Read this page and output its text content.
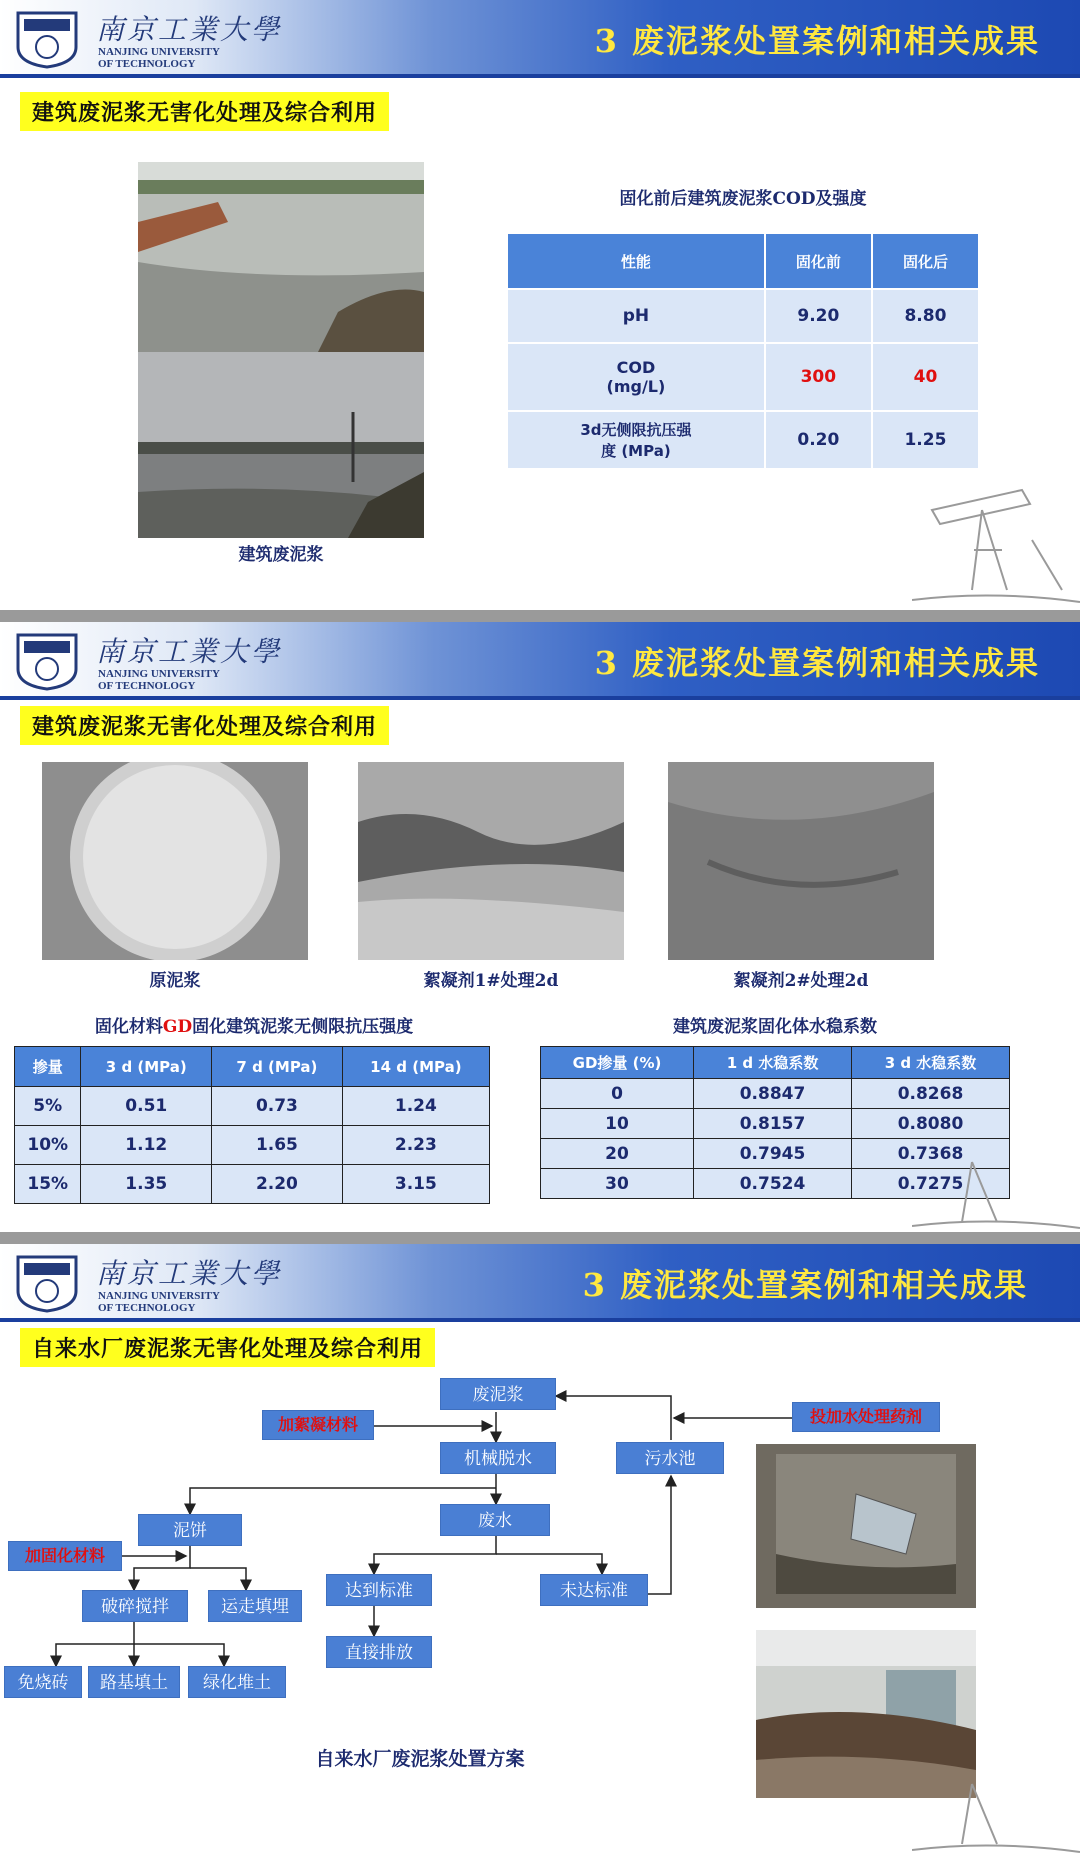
南京工業大學
NANJING UNIVERSITY
OF TECHNOLOGY
3 废泥浆处置案例和相关成果
建筑废泥浆无害化处理及综合利用
建筑废泥浆
固化前后建筑废泥浆COD及强度
性能	固化前	固化后
pH	9.20	8.80
COD
(mg/L)	300	40
3d无侧限抗压强
度 (MPa)	0.20	1.25
南京工業大學
NANJING UNIVERSITY
OF TECHNOLOGY
3 废泥浆处置案例和相关成果
建筑废泥浆无害化处理及综合利用
原泥浆	絮凝剂1#处理2d	絮凝剂2#处理2d
固化材料GD固化建筑泥浆无侧限抗压强度
掺量	3 d (MPa)	7 d (MPa)	14 d (MPa)
5%	0.51	0.73	1.24
10%	1.12	1.65	2.23
15%	1.35	2.20	3.15
建筑废泥浆固化体水稳系数
GD掺量 (%)	1 d 水稳系数	3 d 水稳系数
0	0.8847	0.8268
10	0.8157	0.8080
20	0.7945	0.7368
30	0.7524	0.7275
南京工業大學
NANJING UNIVERSITY
OF TECHNOLOGY
3 废泥浆处置案例和相关成果
自来水厂废泥浆无害化处理及综合利用
废泥浆
加絮凝材料
机械脱水	污水池
投加水处理药剂
泥饼	废水
加固化材料
破碎搅拌	运走填埋
达到标准	未达标准
直接排放
免烧砖	路基填土	绿化堆土
自来水厂废泥浆处置方案
